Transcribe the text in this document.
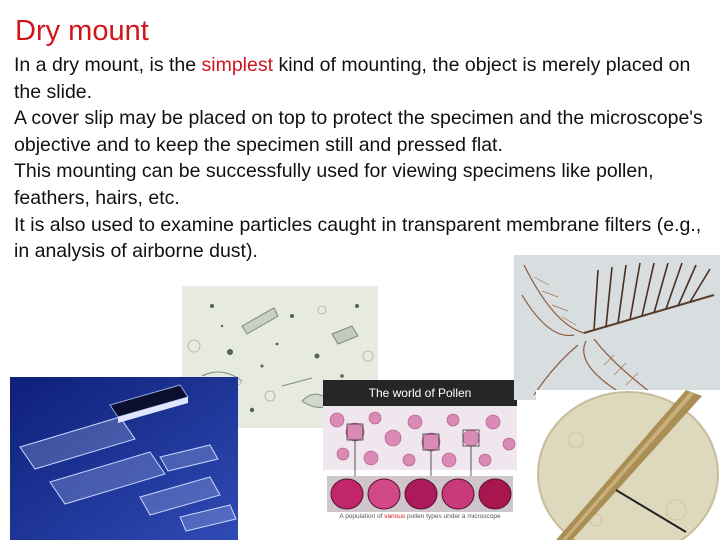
Dry mount

In a dry mount, is the simplest kind of mounting, the object is merely placed on the slide.

A cover slip may be placed on top to protect the specimen and the microscope's objective and to keep the specimen still and pressed flat.

This mounting can be successfully used for viewing specimens like pollen, feathers, hairs, etc.

It is also used to examine particles caught in transparent membrane filters (e.g., in analysis of airborne dust).

The world of Pollen
A population of various pollen types under a microscope
